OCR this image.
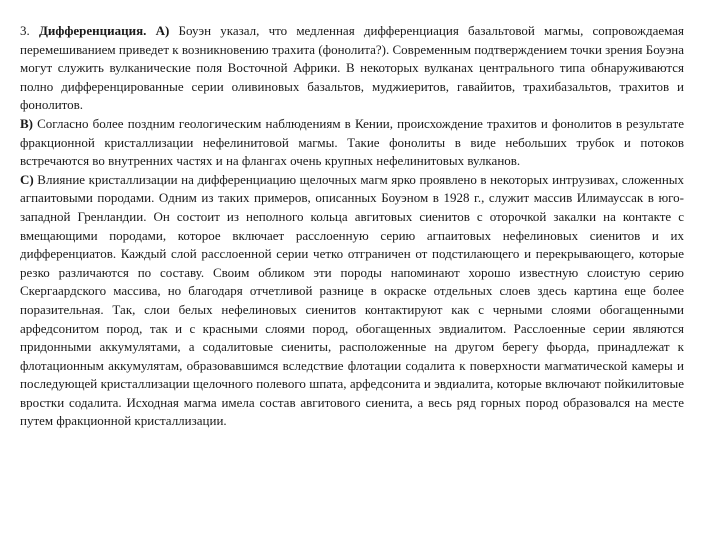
3. Дифференциация. А) Боуэн указал, что медленная дифференциация базальтовой магмы, сопровождаемая перемешиванием приведет к возникновению трахита (фонолита?). Современным подтверждением точки зрения Боуэна могут служить вулканические поля Восточной Африки. В некоторых вулканах центрального типа обнаруживаются полно дифференцированные серии оливиновых базальтов, муджиеритов, гавайитов, трахибазальтов, трахитов и фонолитов.

В) Согласно более поздним геологическим наблюдениям в Кении, происхождение трахитов и фонолитов в результате фракционной кристаллизации нефелинитовой магмы. Такие фонолиты в виде небольших трубок и потоков встречаются во внутренних частях и на флангах очень крупных нефелинитовых вулканов.

С) Влияние кристаллизации на дифференциацию щелочных магм ярко проявлено в некоторых интрузивах, сложенных агпаитовыми породами. Одним из таких примеров, описанных Боуэном в 1928 г., служит массив Илимауссак в юго-западной Гренландии. Он состоит из неполного кольца авгитовых сиенитов с оторочкой закалки на контакте с вмещающими породами, которое включает расслоенную серию агпаитовых нефелиновых сиенитов и их дифференциатов. Каждый слой расслоенной серии четко отграничен от подстилающего и перекрывающего, которые резко различаются по составу. Своим обликом эти породы напоминают хорошо известную слоистую серию Скергаардского массива, но благодаря отчетливой разнице в окраске отдельных слоев здесь картина еще более поразительная. Так, слои белых нефелиновых сиенитов контактируют как с черными слоями обогащенными арфедсонитом пород, так и с красными слоями пород, обогащенных эвдиалитом. Расслоенные серии являются придонными аккумулятами, а содалитовые сиениты, расположенные на другом берегу фьорда, принадлежат к флотационным аккумулятам, образовавшимся вследствие флотации содалита к поверхности магматической камеры и последующей кристаллизации щелочного полевого шпата, арфедсонита и эвдиалита, которые включают пойкилитовые вростки содалита. Исходная магма имела состав авгитового сиенита, а весь ряд горных пород образовался на месте путем фракционной кристаллизации.
